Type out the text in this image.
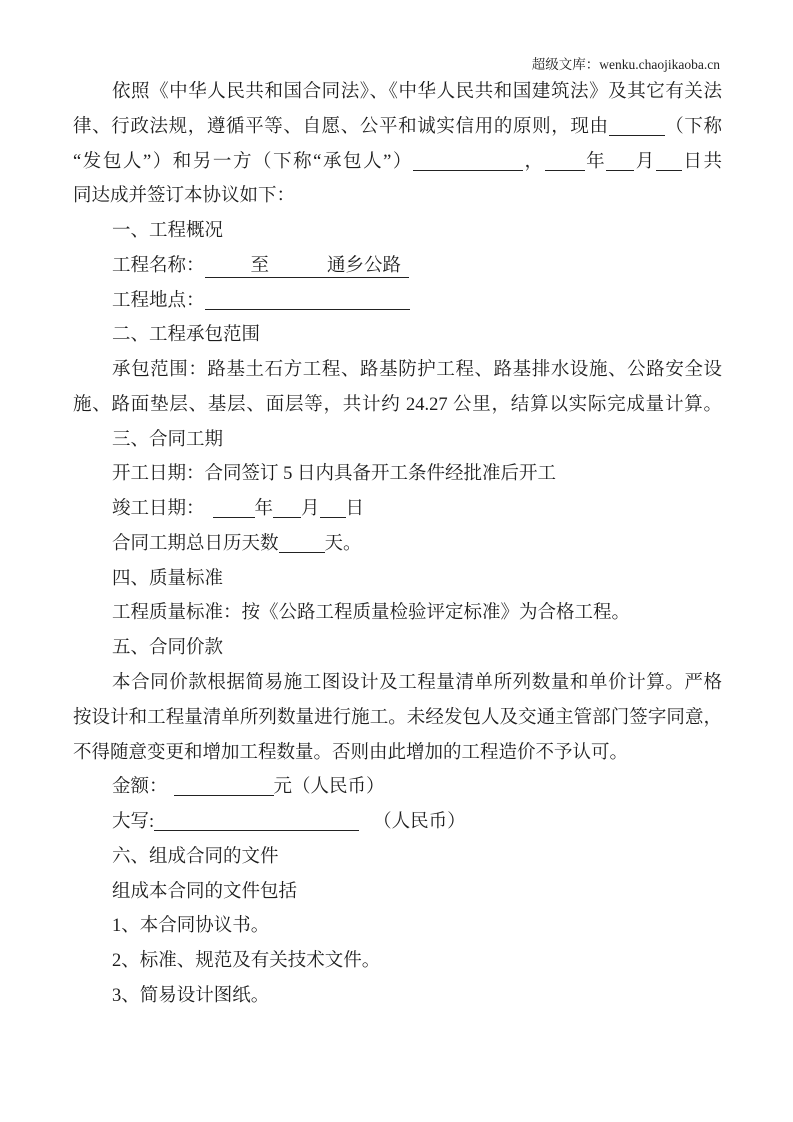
超级文库：wenku.chaojikaoba.cn
依照《中华人民共和国合同法》、《中华人民共和国建筑法》及其它有关法
律、行政法规，遵循平等、自愿、公平和诚实信用的原则，现由	（下称
“发包人”）和另一方（下称“承包人”）	， 年 月 日共
同达成并签订本协议如下：
一、工程概况
工程名称： 至	通乡公路
工程地点：
二、工程承包范围
承包范围：路基土石方工程、路基防护工程、路基排水设施、公路安全设
施、路面垫层、基层、面层等，共计约 24.27 公里，结算以实际完成量计算。
三、合同工期
开工日期：合同签订 5 日内具备开工条件经批准后开工
竣工日期：	年 月 日
合同工期总日历天数 天。
四、质量标准
工程质量标准：按《公路工程质量检验评定标准》为合格工程。
五、合同价款
本合同价款根据简易施工图设计及工程量清单所列数量和单价计算。严格
按设计和工程量清单所列数量进行施工。未经发包人及交通主管部门签字同意，
不得随意变更和增加工程数量。否则由此增加的工程造价不予认可。
金额：	元（人民币）
大写:	（人民币）
六、组成合同的文件
组成本合同的文件包括
1、本合同协议书。
2、标准、规范及有关技术文件。
3、简易设计图纸。
